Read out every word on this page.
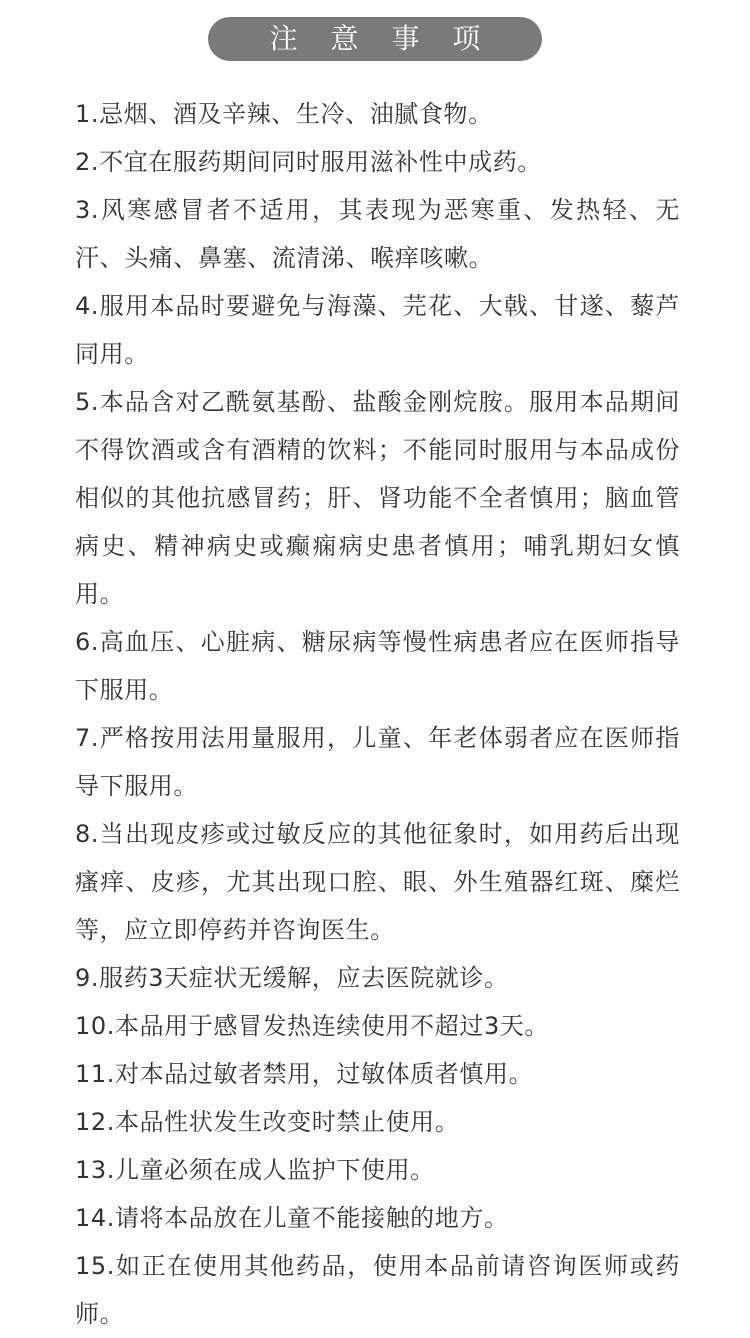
注 意 事 项
1.忌烟、酒及辛辣、生冷、油腻食物。
2.不宜在服药期间同时服用滋补性中成药。
3.风寒感冒者不适用，其表现为恶寒重、发热轻、无汗、头痛、鼻塞、流清涕、喉痒咳嗽。
4.服用本品时要避免与海藻、芫花、大戟、甘遂、藜芦同用。
5.本品含对乙酰氨基酚、盐酸金刚烷胺。服用本品期间不得饮酒或含有酒精的饮料；不能同时服用与本品成份相似的其他抗感冒药；肝、肾功能不全者慎用；脑血管病史、精神病史或癫痫病史患者慎用；哺乳期妇女慎用。
6.高血压、心脏病、糖尿病等慢性病患者应在医师指导下服用。
7.严格按用法用量服用，儿童、年老体弱者应在医师指导下服用。
8.当出现皮疹或过敏反应的其他征象时，如用药后出现瘙痒、皮疹，尤其出现口腔、眼、外生殖器红斑、糜烂等，应立即停药并咨询医生。
9.服药3天症状无缓解，应去医院就诊。
10.本品用于感冒发热连续使用不超过3天。
11.对本品过敏者禁用，过敏体质者慎用。
12.本品性状发生改变时禁止使用。
13.儿童必须在成人监护下使用。
14.请将本品放在儿童不能接触的地方。
15.如正在使用其他药品，使用本品前请咨询医师或药师。
